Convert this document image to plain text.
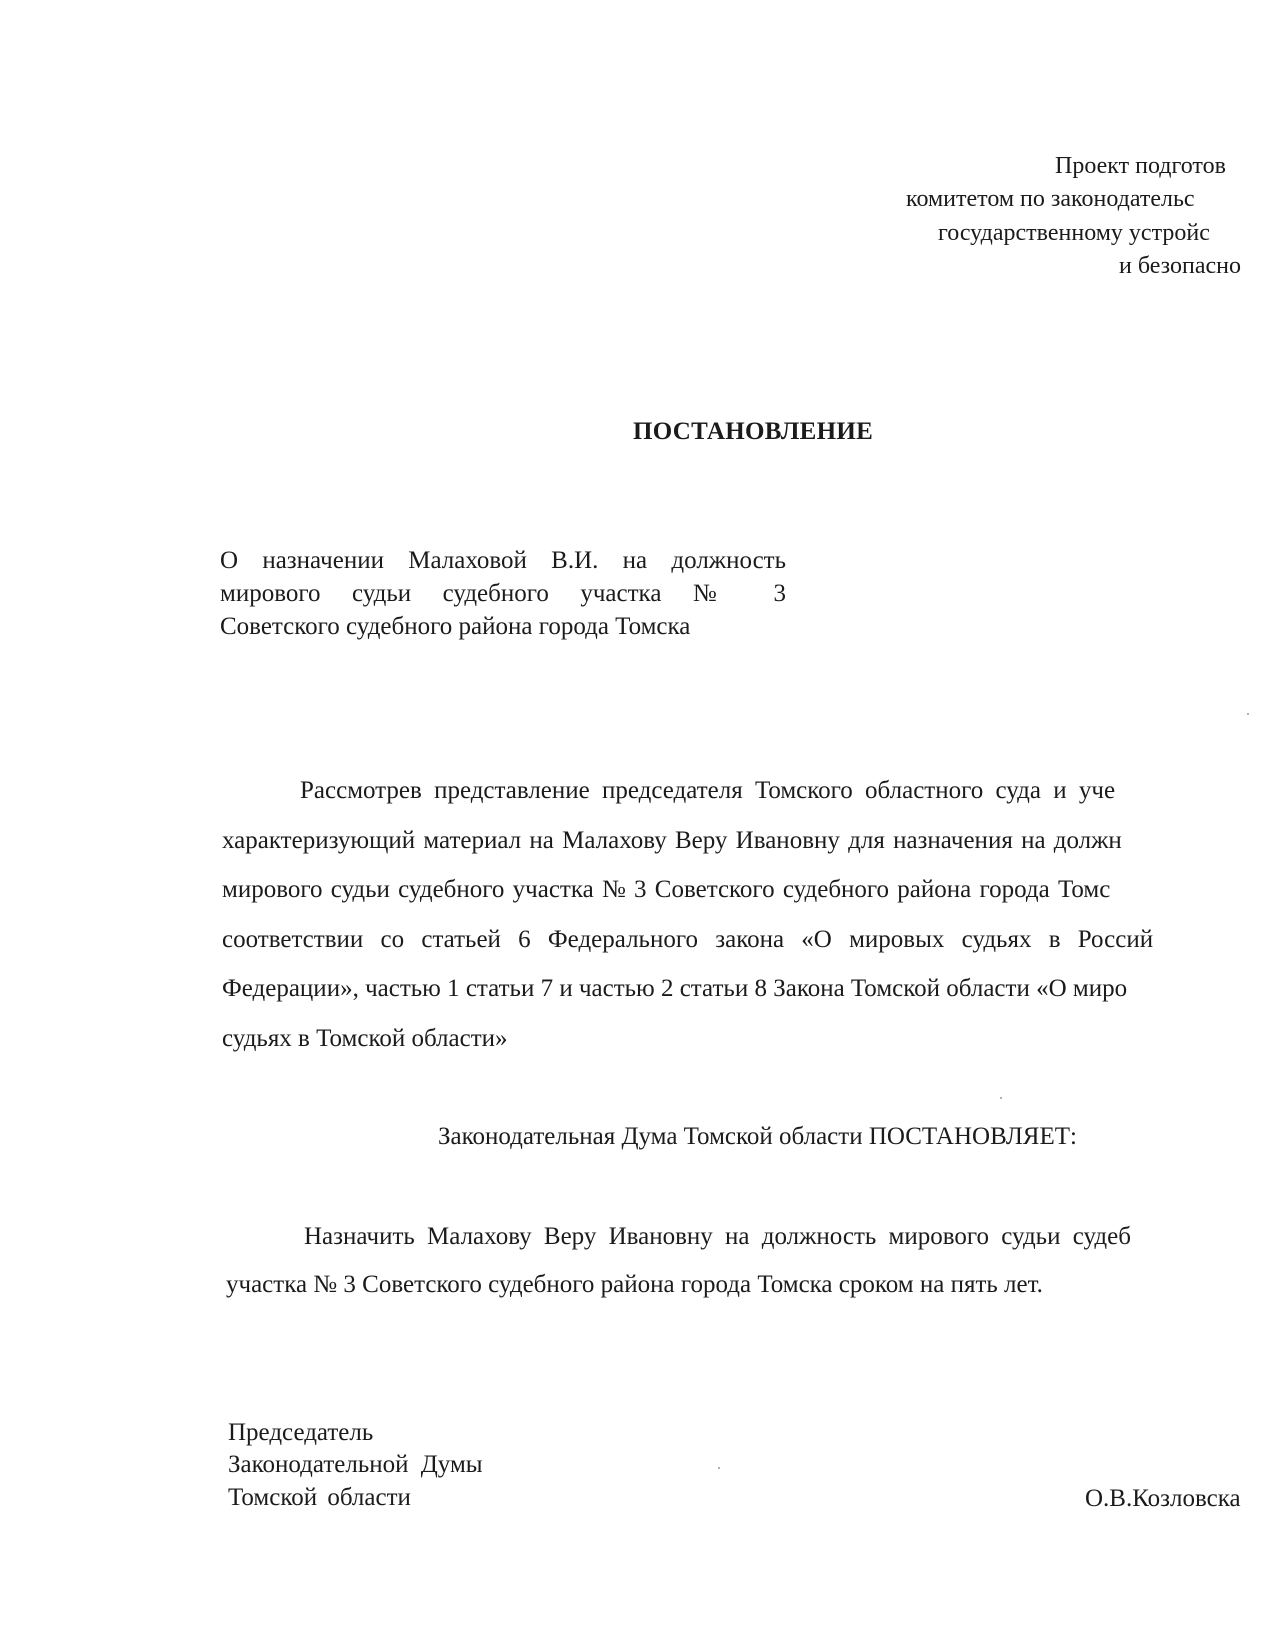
Проект подготов
комитетом по законодательс
государственному устройс
и безопасно
ПОСТАНОВЛЕНИЕ
О назначении Малаховой В.И. на должность
мирового судьи судебного участка № 3
Советского судебного района города Томска
Рассмотрев представление председателя Томского областного суда и уче
характеризующий материал на Малахову Веру Ивановну для назначения на должн
мирового судьи судебного участка № 3 Советского судебного района города Томс
соответствии со статьей 6 Федерального закона «О мировых судьях в Россий
Федерации», частью 1 статьи 7 и частью 2 статьи 8 Закона Томской области «О миро
судьях в Томской области»
Законодательная Дума Томской области ПОСТАНОВЛЯЕТ:
Назначить Малахову Веру Ивановну на должность мирового судьи судеб
участка № 3 Советского судебного района города Томска сроком на пять лет.
Председатель
Законодательной Думы
Томской области	О.В.Козловска
